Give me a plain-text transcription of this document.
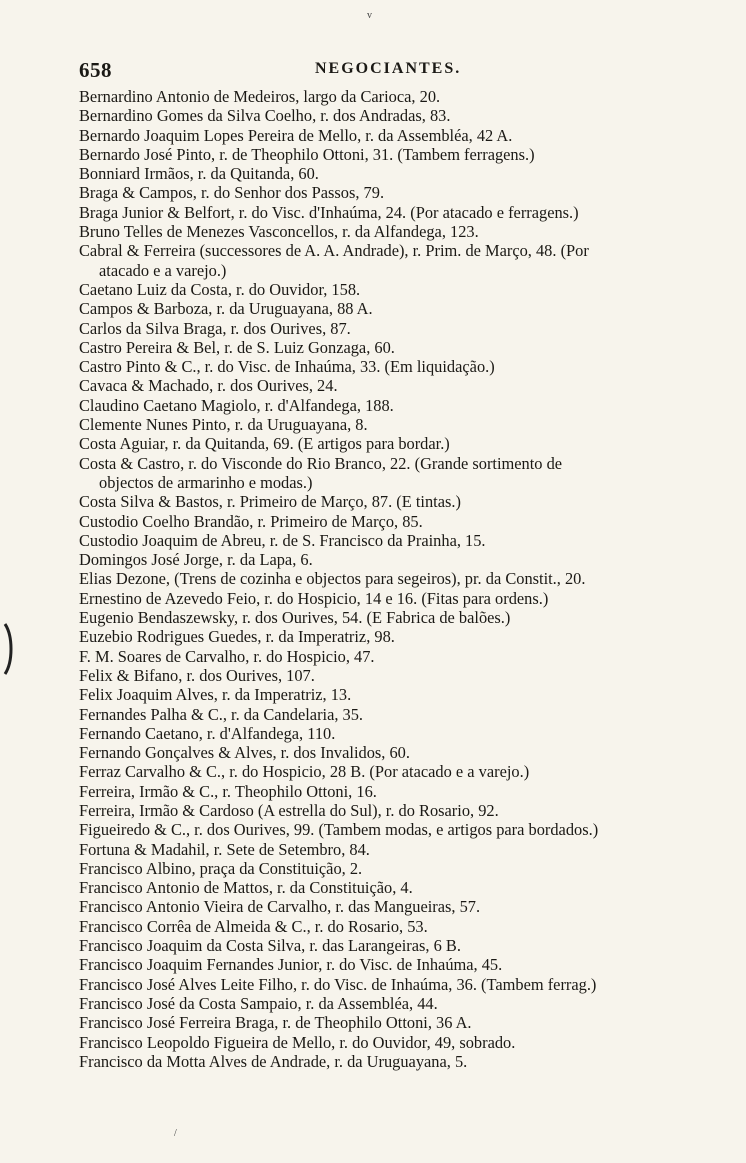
v
658	NEGOCIANTES.
Bernardino Antonio de Medeiros, largo da Carioca, 20.
Bernardino Gomes da Silva Coelho, r. dos Andradas, 83.
Bernardo Joaquim Lopes Pereira de Mello, r. da Assembléa, 42 A.
Bernardo José Pinto, r. de Theophilo Ottoni, 31. (Tambem ferragens.)
Bonniard Irmãos, r. da Quitanda, 60.
Braga & Campos, r. do Senhor dos Passos, 79.
Braga Junior & Belfort, r. do Visc. d'Inhaúma, 24. (Por atacado e ferragens.)
Bruno Telles de Menezes Vasconcellos, r. da Alfandega, 123.
Cabral & Ferreira (successores de A. A. Andrade), r. Prim. de Março, 48. (Por
atacado e a varejo.)
Caetano Luiz da Costa, r. do Ouvidor, 158.
Campos & Barboza, r. da Uruguayana, 88 A.
Carlos da Silva Braga, r. dos Ourives, 87.
Castro Pereira & Bel, r. de S. Luiz Gonzaga, 60.
Castro Pinto & C., r. do Visc. de Inhaúma, 33. (Em liquidação.)
Cavaca & Machado, r. dos Ourives, 24.
Claudino Caetano Magiolo, r. d'Alfandega, 188.
Clemente Nunes Pinto, r. da Uruguayana, 8.
Costa Aguiar, r. da Quitanda, 69. (E artigos para bordar.)
Costa & Castro, r. do Visconde do Rio Branco, 22. (Grande sortimento de
objectos de armarinho e modas.)
Costa Silva & Bastos, r. Primeiro de Março, 87. (E tintas.)
Custodio Coelho Brandão, r. Primeiro de Março, 85.
Custodio Joaquim de Abreu, r. de S. Francisco da Prainha, 15.
Domingos José Jorge, r. da Lapa, 6.
Elias Dezone, (Trens de cozinha e objectos para segeiros), pr. da Constit., 20.
Ernestino de Azevedo Feio, r. do Hospicio, 14 e 16. (Fitas para ordens.)
Eugenio Bendaszewsky, r. dos Ourives, 54. (E Fabrica de balões.)
Euzebio Rodrigues Guedes, r. da Imperatriz, 98.
F. M. Soares de Carvalho, r. do Hospicio, 47.
Felix & Bifano, r. dos Ourives, 107.
Felix Joaquim Alves, r. da Imperatriz, 13.
Fernandes Palha & C., r. da Candelaria, 35.
Fernando Caetano, r. d'Alfandega, 110.
Fernando Gonçalves & Alves, r. dos Invalidos, 60.
Ferraz Carvalho & C., r. do Hospicio, 28 B. (Por atacado e a varejo.)
Ferreira, Irmão & C., r. Theophilo Ottoni, 16.
Ferreira, Irmão & Cardoso (A estrella do Sul), r. do Rosario, 92.
Figueiredo & C., r. dos Ourives, 99. (Tambem modas, e artigos para bordados.)
Fortuna & Madahil, r. Sete de Setembro, 84.
Francisco Albino, praça da Constituição, 2.
Francisco Antonio de Mattos, r. da Constituição, 4.
Francisco Antonio Vieira de Carvalho, r. das Mangueiras, 57.
Francisco Corrêa de Almeida & C., r. do Rosario, 53.
Francisco Joaquim da Costa Silva, r. das Larangeiras, 6 B.
Francisco Joaquim Fernandes Junior, r. do Visc. de Inhaúma, 45.
Francisco José Alves Leite Filho, r. do Visc. de Inhaúma, 36. (Tambem ferrag.)
Francisco José da Costa Sampaio, r. da Assembléa, 44.
Francisco José Ferreira Braga, r. de Theophilo Ottoni, 36 A.
Francisco Leopoldo Figueira de Mello, r. do Ouvidor, 49, sobrado.
Francisco da Motta Alves de Andrade, r. da Uruguayana, 5.
/
